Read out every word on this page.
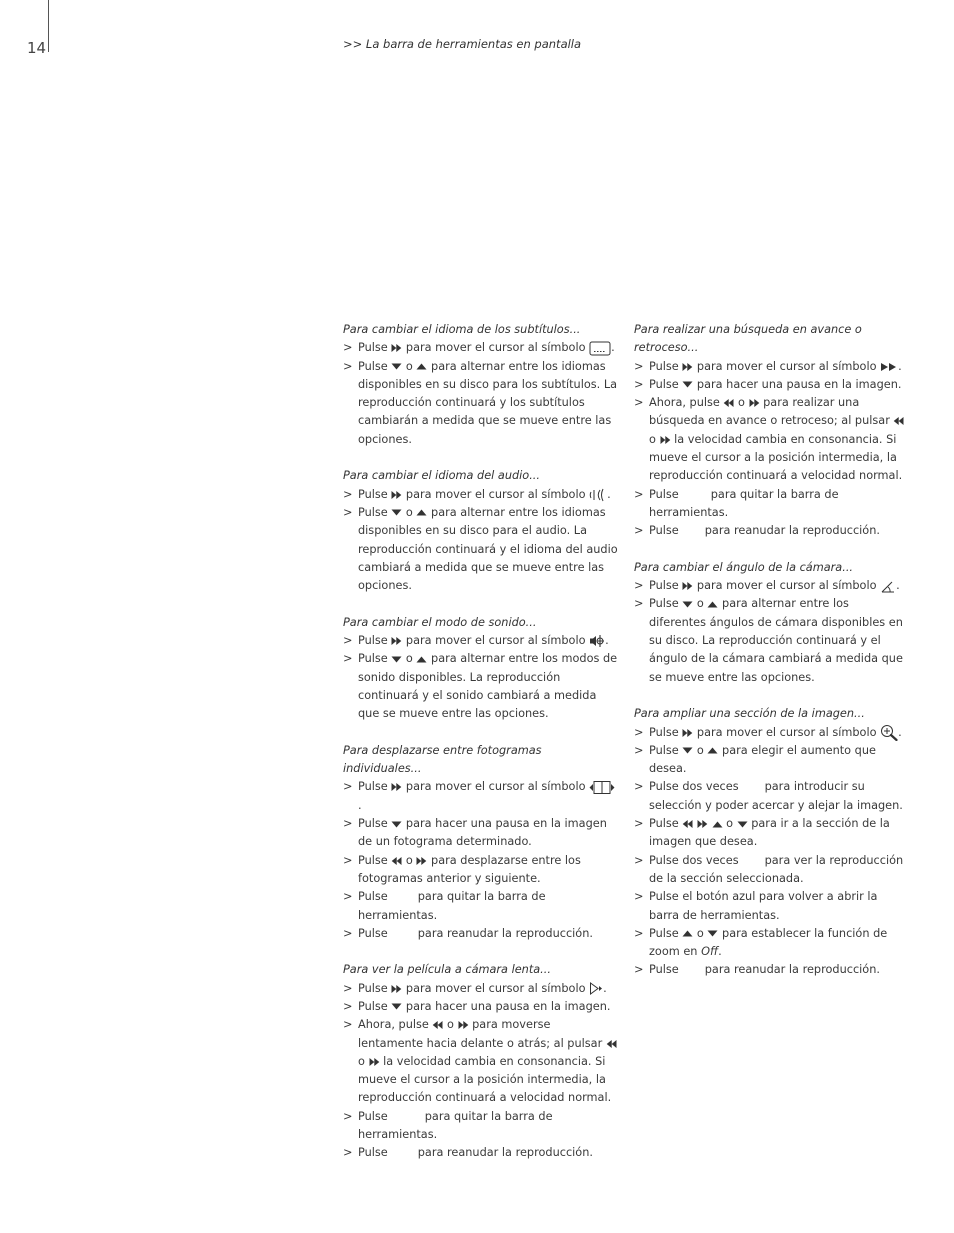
14	>> La barra de herramientas en pantalla
Para cambiar el idioma de los subtítulos...
> Pulse
para mover el cursor al símbolo
.
> Pulse
o
para alternar entre los idiomas disponibles en su disco para los subtítulos. La reproducción continuará y los subtítulos cambiarán a medida que se mueve entre las opciones.
Para cambiar el idioma del audio...
> Pulse
para mover el cursor al símbolo
.
> Pulse
o
para alternar entre los idiomas disponibles en su disco para el audio. La reproducción continuará y el idioma del audio cambiará a medida que se mueve entre las opciones.
Para cambiar el modo de sonido...
> Pulse
para mover el cursor al símbolo
.
> Pulse
o
para alternar entre los modos de sonido disponibles. La reproducción continuará y el sonido cambiará a medida que se mueve entre las opciones.
Para desplazarse entre fotogramas individuales...
> Pulse
para mover el cursor al símbolo
.
> Pulse
para hacer una pausa en la imagen de un fotograma determinado.
> Pulse
o
para desplazarse entre los fotogramas anterior y siguiente.
> Pulse	para quitar la barra de herramientas.
> Pulse	para reanudar la reproducción.
Para ver la película a cámara lenta...
> Pulse
para mover el cursor al símbolo
.
> Pulse
para hacer una pausa en la imagen.
> Ahora, pulse
o
para moverse lentamente hacia delante o atrás; al pulsar
o
la velocidad cambia en consonancia. Si mueve el cursor a la posición intermedia, la reproducción continuará a velocidad normal.
> Pulse	para quitar la barra de herramientas.
> Pulse	para reanudar la reproducción.
Para realizar una búsqueda en avance o retroceso...
> Pulse
para mover el cursor al símbolo
.
> Pulse
para hacer una pausa en la imagen.
> Ahora, pulse
o
para realizar una búsqueda en avance o retroceso; al pulsar
o
la velocidad cambia en consonancia. Si mueve el cursor a la posición intermedia, la reproducción continuará a velocidad normal.
> Pulse	para quitar la barra de herramientas.
> Pulse para reanudar la reproducción.
Para cambiar el ángulo de la cámara...
> Pulse
para mover el cursor al símbolo
.
> Pulse
o
para alternar entre los diferentes ángulos de cámara disponibles en su disco. La reproducción continuará y el ángulo de la cámara cambiará a medida que se mueve entre las opciones.
Para ampliar una sección de la imagen...
> Pulse
para mover el cursor al símbolo
.
> Pulse
o
para elegir el aumento que desea.
> Pulse dos veces para introducir su selección y poder acercar y alejar la imagen.
> Pulse

	o
para ir a la sección de la imagen que desea.
> Pulse dos veces para ver la reproducción de la sección seleccionada.
> Pulse el botón azul para volver a abrir la barra de herramientas.
> Pulse
o
para establecer la función de zoom en Off.
> Pulse para reanudar la reproducción.
